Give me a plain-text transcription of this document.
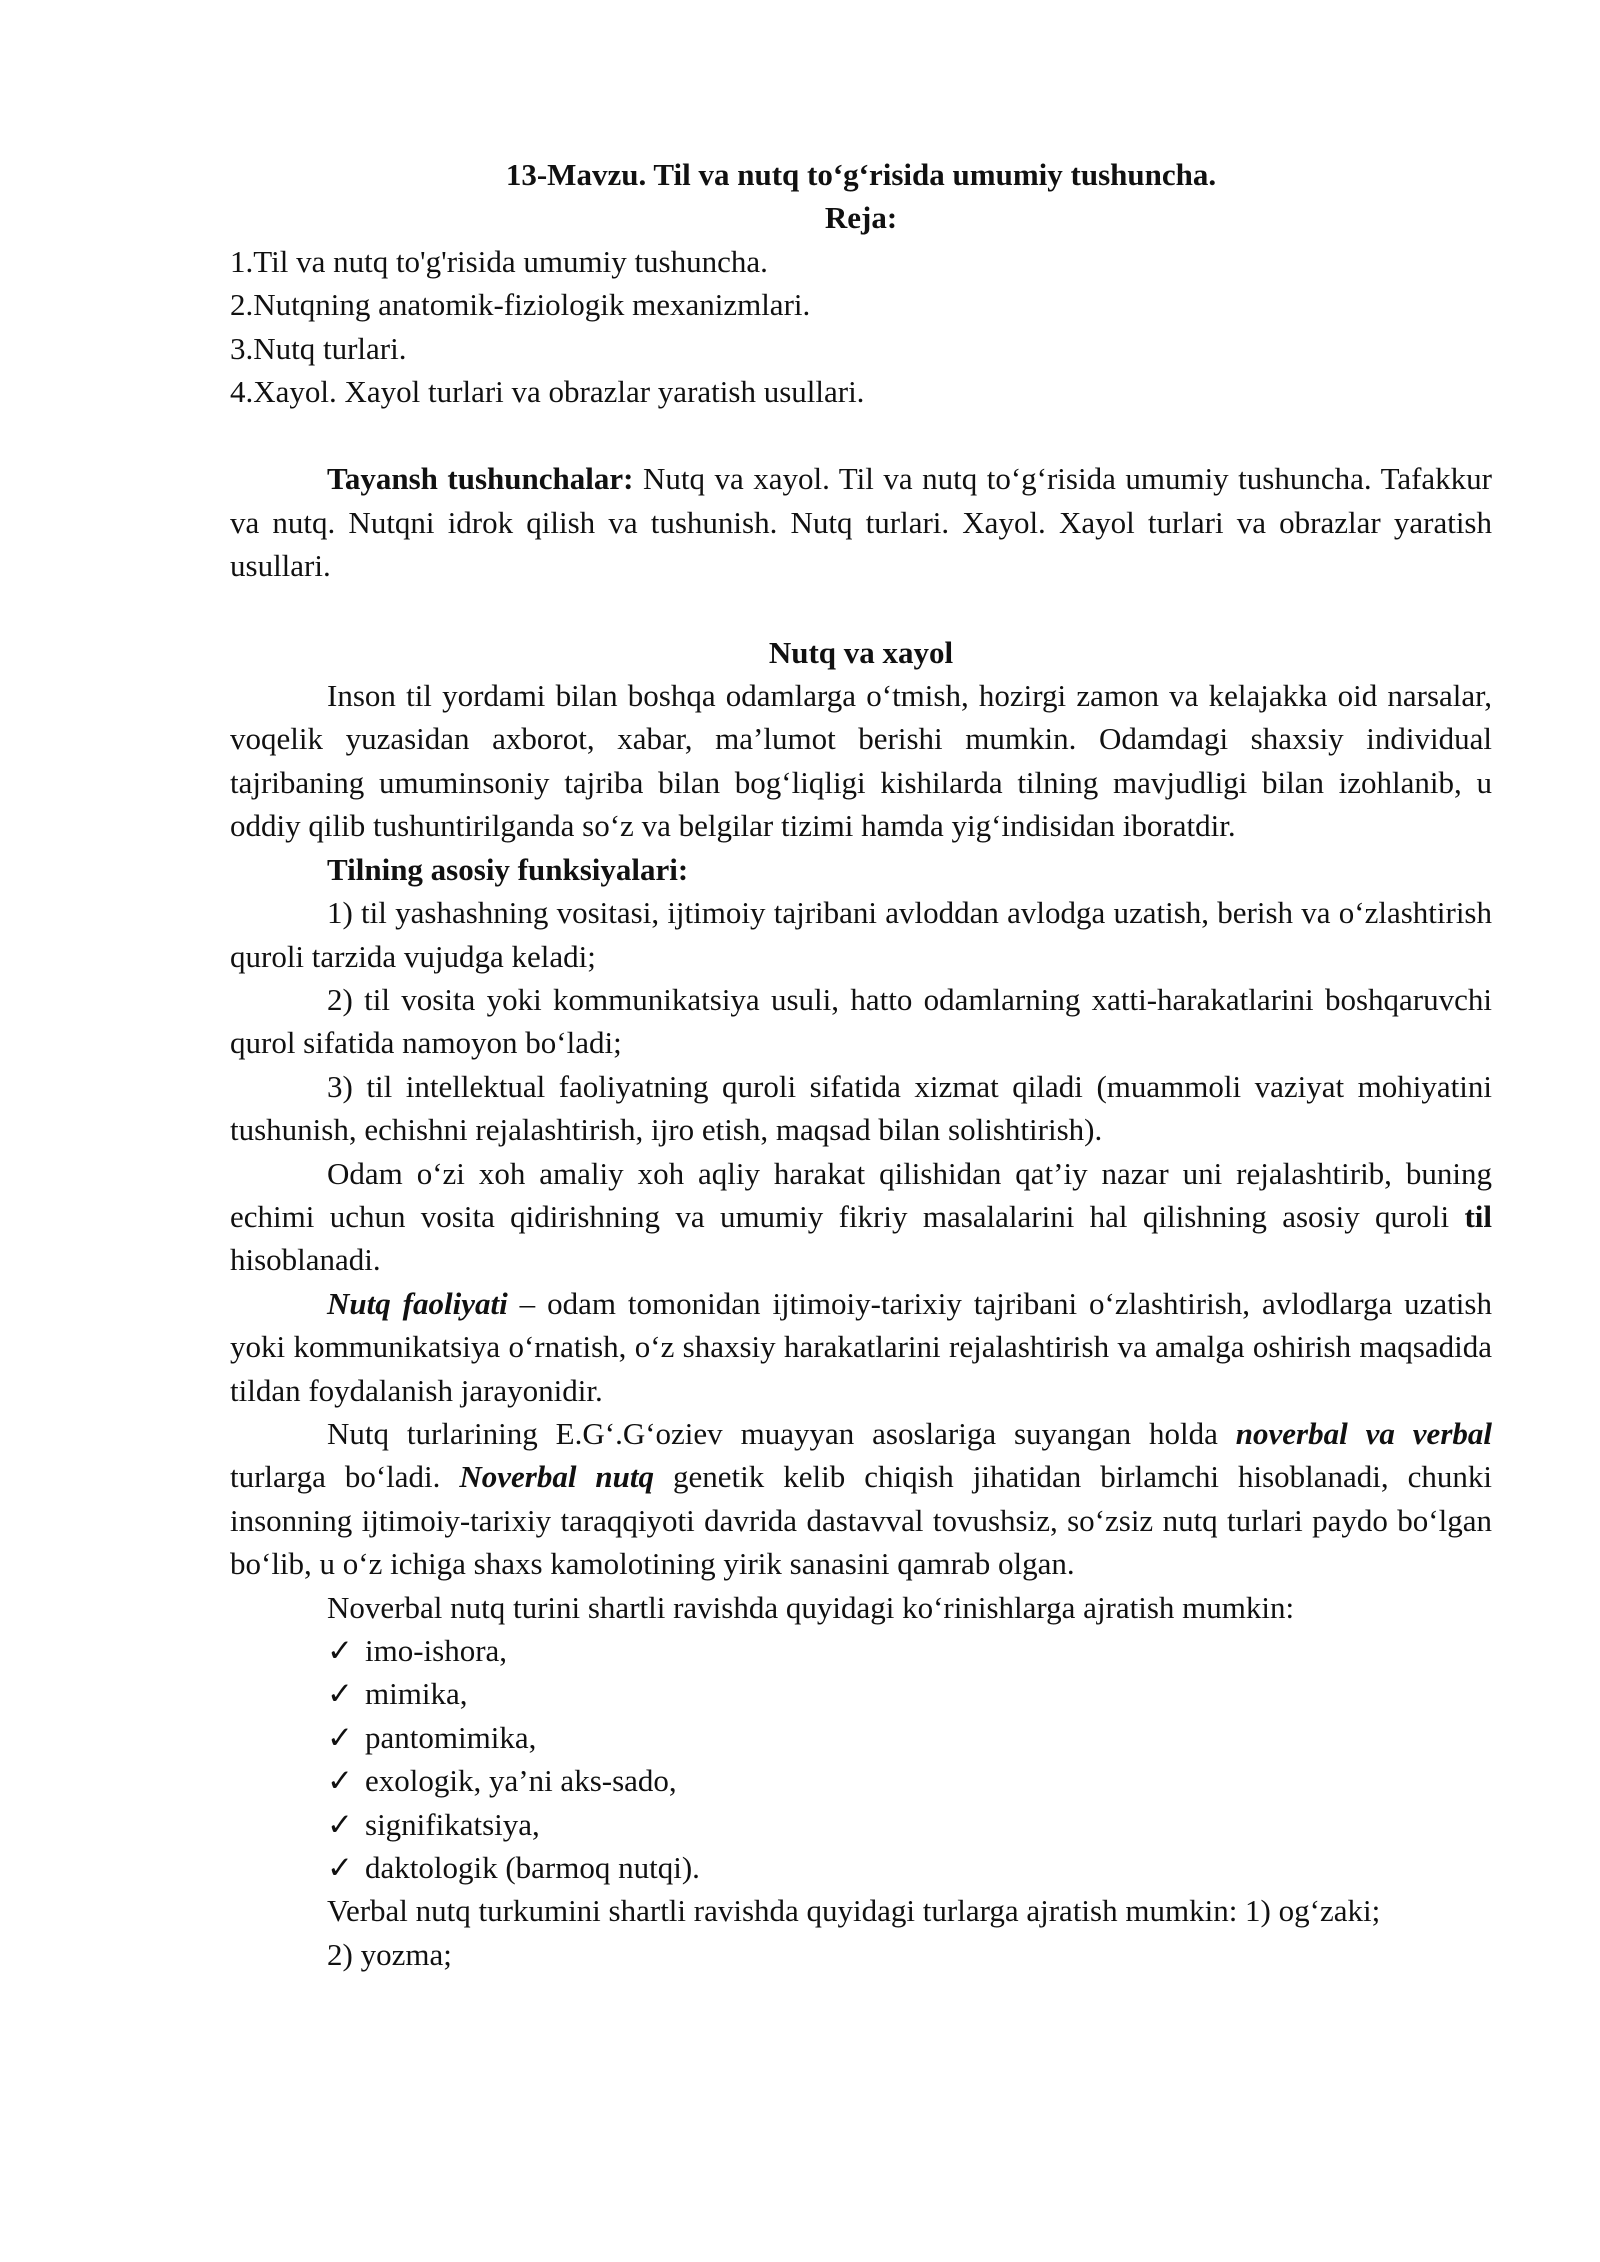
13-Mavzu. Til va nutq to‘g‘risida umumiy tushuncha.

Reja:

1.Til va nutq to'g'risida umumiy tushuncha.

2.Nutqning anatomik-fiziologik mexanizmlari.

3.Nutq turlari.

4.Xayol. Xayol turlari va obrazlar yaratish usullari.

Tayansh tushunchalar: Nutq va xayol. Til va nutq to‘g‘risida umumiy tushuncha. Tafakkur va nutq. Nutqni idrok qilish va tushunish. Nutq turlari. Xayol. Xayol turlari va obrazlar yaratish usullari.

Nutq va xayol

Inson til yordami bilan boshqa odamlarga o‘tmish, hozirgi zamon va kelajakka oid narsalar, voqelik yuzasidan axborot, xabar, ma’lumot berishi mumkin. Odamdagi shaxsiy individual tajribaning umuminsoniy tajriba bilan bog‘liqligi kishilarda tilning mavjudligi bilan izohlanib, u oddiy qilib tushuntirilganda so‘z va belgilar tizimi hamda yig‘indisidan iboratdir.

Tilning asosiy funksiyalari:

1) til yashashning vositasi, ijtimoiy tajribani avloddan avlodga uzatish, berish va o‘zlashtirish quroli tarzida vujudga keladi;

2) til vosita yoki kommunikatsiya usuli, hatto odamlarning xatti-harakatlarini boshqaruvchi qurol sifatida namoyon bo‘ladi;

3) til intellektual faoliyatning quroli sifatida xizmat qiladi (muammoli vaziyat mohiyatini tushunish, echishni rejalashtirish, ijro etish, maqsad bilan solishtirish).

Odam o‘zi xoh amaliy xoh aqliy harakat qilishidan qat’iy nazar uni rejalashtirib, buning echimi uchun vosita qidirishning va umumiy fikriy masalalarini hal qilishning asosiy quroli til hisoblanadi.

Nutq faoliyati – odam tomonidan ijtimoiy-tarixiy tajribani o‘zlashtirish, avlodlarga uzatish yoki kommunikatsiya o‘rnatish, o‘z shaxsiy harakatlarini rejalashtirish va amalga oshirish maqsadida tildan foydalanish jarayonidir.

Nutq turlarining E.G‘.G‘oziev muayyan asoslariga suyangan holda noverbal va verbal turlarga bo‘ladi. Noverbal nutq genetik kelib chiqish jihatidan birlamchi hisoblanadi, chunki insonning ijtimoiy-tarixiy taraqqiyoti davrida dastavval tovushsiz, so‘zsiz nutq turlari paydo bo‘lgan bo‘lib, u o‘z ichiga shaxs kamolotining yirik sanasini qamrab olgan.

Noverbal nutq turini shartli ravishda quyidagi ko‘rinishlarga ajratish mumkin:

✓ imo-ishora,

✓ mimika,

✓ pantomimika,

✓ exologik, ya’ni aks-sado,

✓ signifikatsiya,

✓ daktologik (barmoq nutqi).

Verbal nutq turkumini shartli ravishda quyidagi turlarga ajratish mumkin: 1) og‘zaki;

2) yozma;
